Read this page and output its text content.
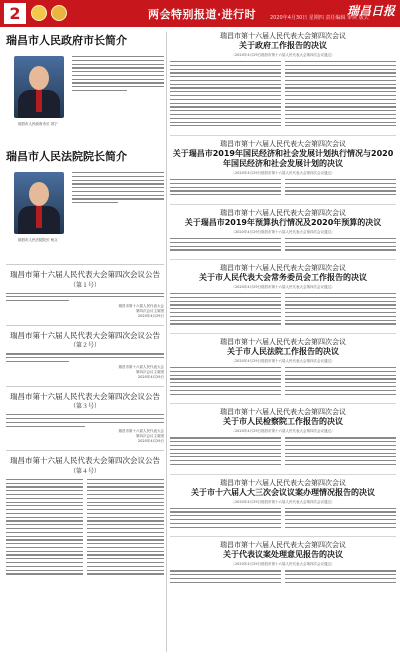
2	两会特别报道·进行时	2020年4月30日 星期四 责任编辑 审读 版式
瑞昌日报
瑞昌市人民政府市长简介
瑞昌市人民政府市长 刘宁
瑞昌市人民法院院长简介
瑞昌市人民法院院长 杨文
瑞昌市第十六届人民代表大会第四次会议公告
（第１号）
瑞昌市第十六届人民代表大会
第四次会议主席团
2020年4月29日
瑞昌市第十六届人民代表大会第四次会议公告
（第２号）
瑞昌市第十六届人民代表大会
第四次会议主席团
2020年4月29日
瑞昌市第十六届人民代表大会第四次会议公告
（第３号）
瑞昌市第十六届人民代表大会
第四次会议主席团
2020年4月29日
瑞昌市第十六届人民代表大会第四次会议公告
（第４号）
瑞昌市第十六届人民代表大会第四次会议
关于政府工作报告的决议
（2020年4月29日瑞昌市第十六届人民代表大会第四次会议通过）
瑞昌市第十六届人民代表大会第四次会议
关于瑞昌市2019年国民经济和社会发展计划执行情况与2020年国民经济和社会发展计划的决议
（2020年4月29日瑞昌市第十六届人民代表大会第四次会议通过）
瑞昌市第十六届人民代表大会第四次会议
关于瑞昌市2019年预算执行情况及2020年预算的决议
（2020年4月29日瑞昌市第十六届人民代表大会第四次会议通过）
瑞昌市第十六届人民代表大会第四次会议
关于市人民代表大会常务委员会工作报告的决议
（2020年4月29日瑞昌市第十六届人民代表大会第四次会议通过）
瑞昌市第十六届人民代表大会第四次会议
关于市人民法院工作报告的决议
（2020年4月29日瑞昌市第十六届人民代表大会第四次会议通过）
瑞昌市第十六届人民代表大会第四次会议
关于市人民检察院工作报告的决议
（2020年4月29日瑞昌市第十六届人民代表大会第四次会议通过）
瑞昌市第十六届人民代表大会第四次会议
关于市十六届人大三次会议议案办理情况报告的决议
（2020年4月29日瑞昌市第十六届人民代表大会第四次会议通过）
瑞昌市第十六届人民代表大会第四次会议
关于代表议案处理意见报告的决议
（2020年4月29日瑞昌市第十六届人民代表大会第四次会议通过）
